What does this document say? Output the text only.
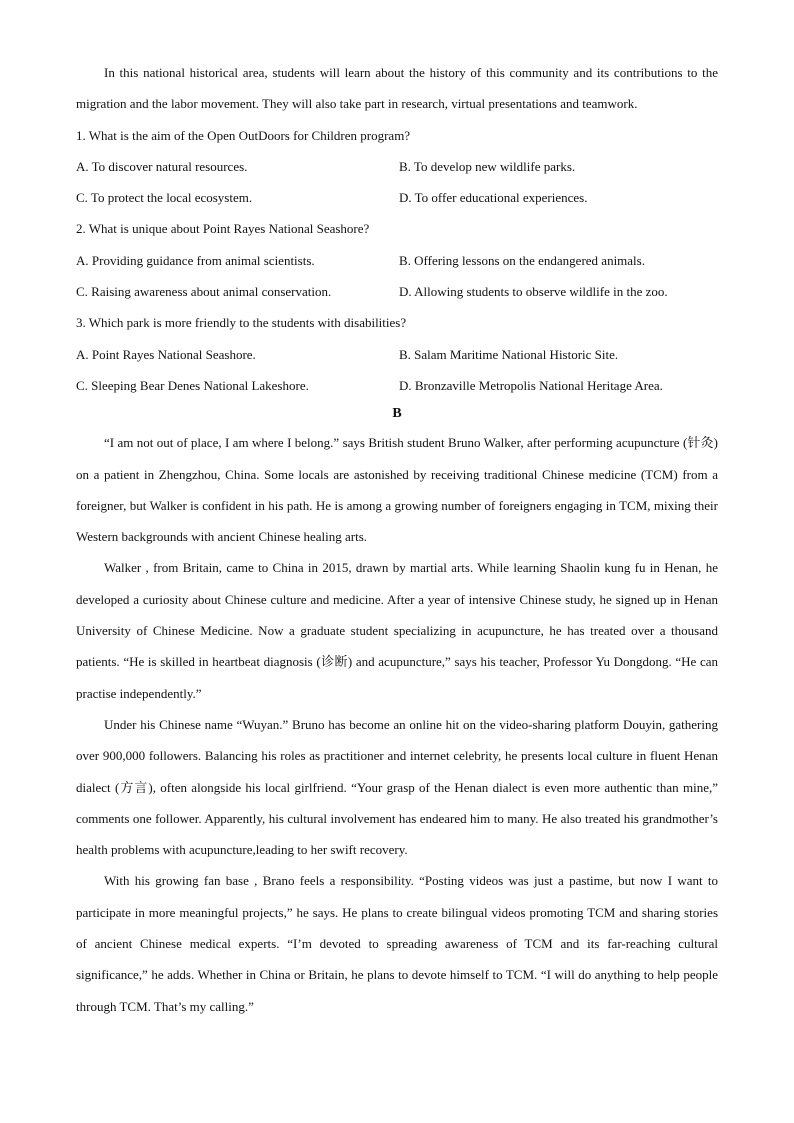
In this national historical area, students will learn about the history of this community and its contributions to the migration and the labor movement. They will also take part in research, virtual presentations and teamwork.

1. What is the aim of the Open OutDoors for Children program?

A. To discover natural resources.	B. To develop new wildlife parks.
C. To protect the local ecosystem.	D. To offer educational experiences.

2. What is unique about Point Rayes National Seashore?

A. Providing guidance from animal scientists.	B. Offering lessons on the endangered animals.
C. Raising awareness about animal conservation.	D. Allowing students to observe wildlife in the zoo.

3. Which park is more friendly to the students with disabilities?

A. Point Rayes National Seashore.	B. Salam Maritime National Historic Site.
C. Sleeping Bear Denes National Lakeshore.	D. Bronzaville Metropolis National Heritage Area.

B

“I am not out of place, I am where I belong.” says British student Bruno Walker, after performing acupuncture (针灸) on a patient in Zhengzhou, China. Some locals are astonished by receiving traditional Chinese medicine (TCM) from a foreigner, but Walker is confident in his path. He is among a growing number of foreigners engaging in TCM, mixing their Western backgrounds with ancient Chinese healing arts.

Walker , from Britain, came to China in 2015, drawn by martial arts. While learning Shaolin kung fu in Henan, he developed a curiosity about Chinese culture and medicine. After a year of intensive Chinese study, he signed up in Henan University of Chinese Medicine. Now a graduate student specializing in acupuncture, he has treated over a thousand patients. “He is skilled in heartbeat diagnosis (诊断) and acupuncture,” says his teacher, Professor Yu Dongdong. “He can practise independently.”

Under his Chinese name “Wuyan.” Bruno has become an online hit on the video-sharing platform Douyin, gathering over 900,000 followers. Balancing his roles as practitioner and internet celebrity, he presents local culture in fluent Henan dialect (方言), often alongside his local girlfriend. “Your grasp of the Henan dialect is even more authentic than mine,” comments one follower. Apparently, his cultural involvement has endeared him to many. He also treated his grandmother’s health problems with acupuncture,leading to her swift recovery.

With his growing fan base , Brano feels a responsibility. “Posting videos was just a pastime, but now I want to participate in more meaningful projects,” he says. He plans to create bilingual videos promoting TCM and sharing stories of ancient Chinese medical experts. “I’m devoted to spreading awareness of TCM and its far-reaching cultural significance,” he adds. Whether in China or Britain, he plans to devote himself to TCM. “I will do anything to help people through TCM. That’s my calling.”
